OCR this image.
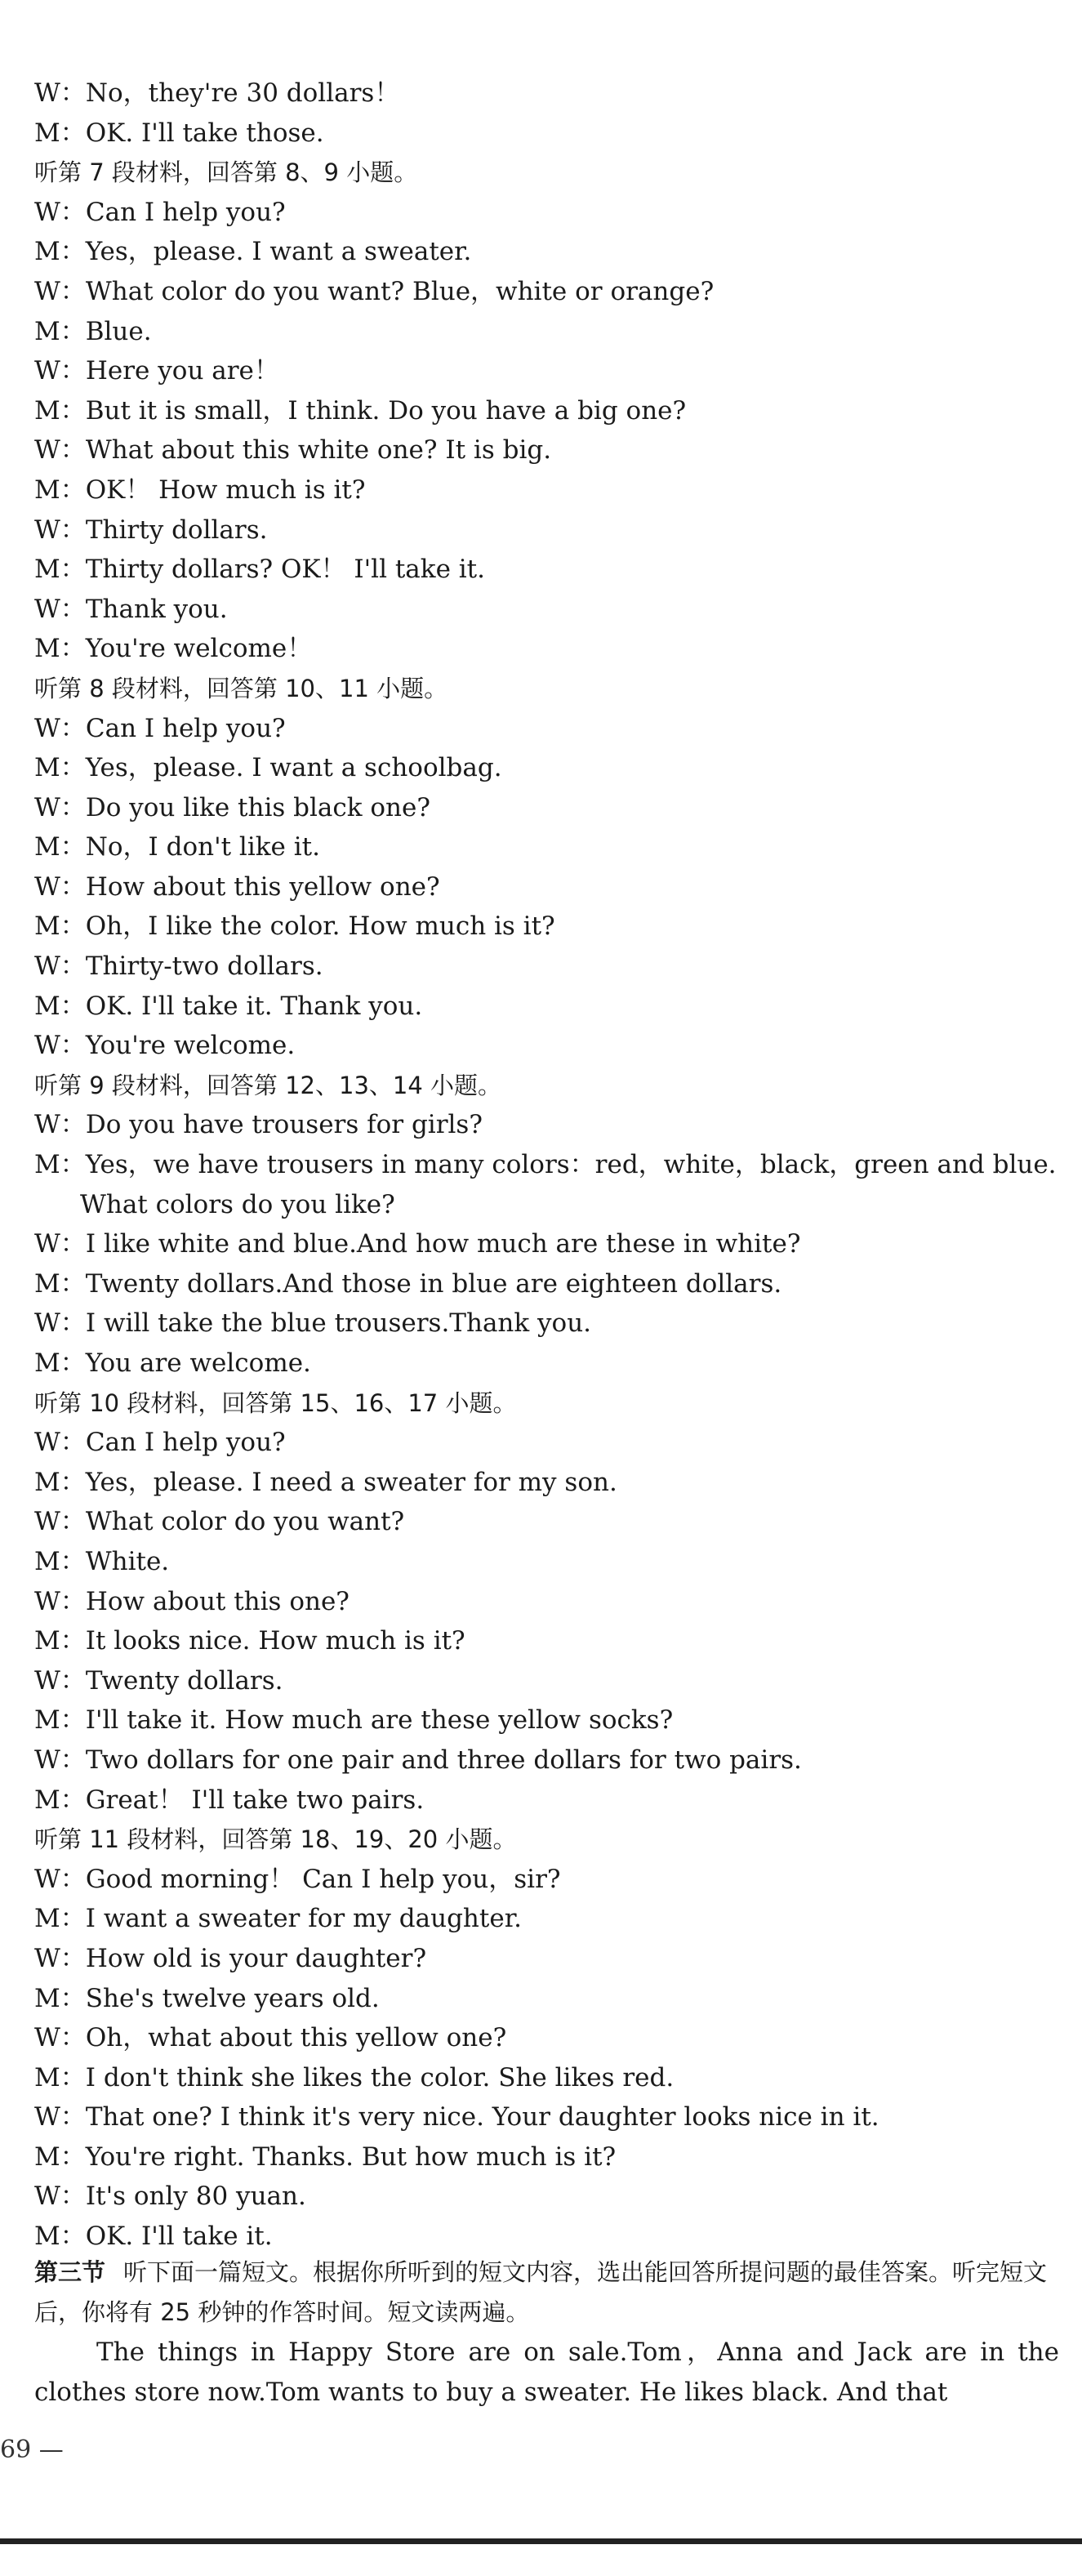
W：No，they're 30 dollars！
M：OK. I'll take those.
听第 7 段材料，回答第 8、9 小题。
W：Can I help you?
M：Yes，please. I want a sweater.
W：What color do you want? Blue，white or orange?
M：Blue.
W：Here you are！
M：But it is small，I think. Do you have a big one?
W：What about this white one? It is big.
M：OK！ How much is it?
W：Thirty dollars.
M：Thirty dollars? OK！ I'll take it.
W：Thank you.
M：You're welcome！
听第 8 段材料，回答第 10、11 小题。
W：Can I help you?
M：Yes，please. I want a schoolbag.
W：Do you like this black one?
M：No，I don't like it.
W：How about this yellow one?
M：Oh，I like the color. How much is it?
W：Thirty-two dollars.
M：OK. I'll take it. Thank you.
W：You're welcome.
听第 9 段材料，回答第 12、13、14 小题。
W：Do you have trousers for girls?
M：Yes，we have trousers in many colors：red，white，black，green and blue.
What colors do you like?
W：I like white and blue.And how much are these in white?
M：Twenty dollars.And those in blue are eighteen dollars.
W：I will take the blue trousers.Thank you.
M：You are welcome.
听第 10 段材料，回答第 15、16、17 小题。
W：Can I help you?
M：Yes，please. I need a sweater for my son.
W：What color do you want?
M：White.
W：How about this one?
M：It looks nice. How much is it?
W：Twenty dollars.
M：I'll take it. How much are these yellow socks?
W：Two dollars for one pair and three dollars for two pairs.
M：Great！ I'll take two pairs.
听第 11 段材料，回答第 18、19、20 小题。
W：Good morning！ Can I help you，sir?
M：I want a sweater for my daughter.
W：How old is your daughter?
M：She's twelve years old.
W：Oh，what about this yellow one?
M：I don't think she likes the color. She likes red.
W：That one? I think it's very nice. Your daughter looks nice in it.
M：You're right. Thanks. But how much is it?
W：It's only 80 yuan.
M：OK. I'll take it.
第三节 听下面一篇短文。根据你所听到的短文内容，选出能回答所提问题的最佳答案。听完短文后，你将有 25 秒钟的作答时间。短文读两遍。
The things in Happy Store are on sale.Tom，Anna and Jack are in the clothes store now.Tom wants to buy a sweater. He likes black. And that
69 —
